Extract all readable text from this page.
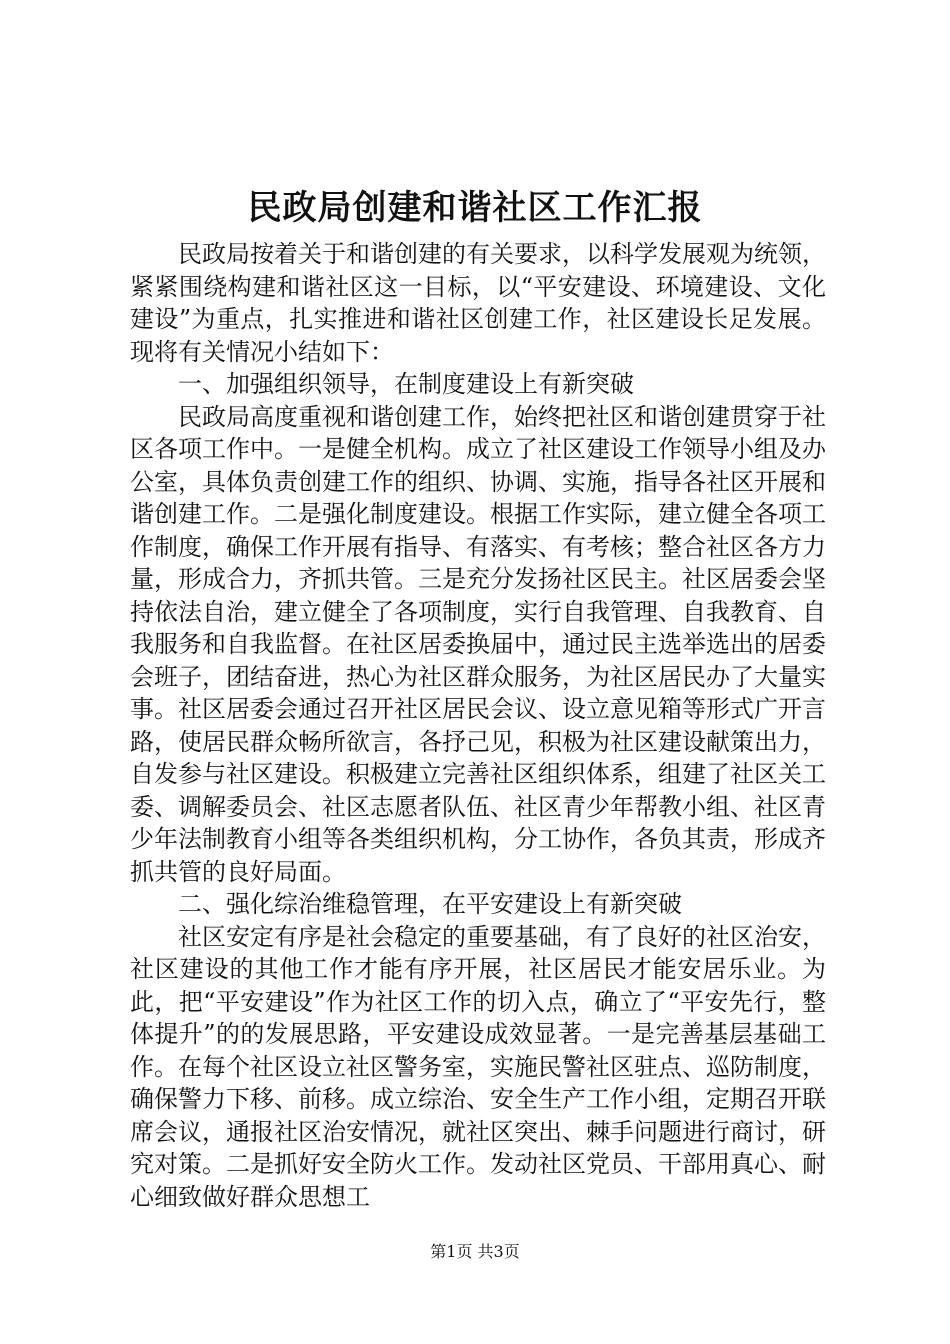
民政局创建和谐社区工作汇报

民政局按着关于和谐创建的有关要求，以科学发展观为统领，紧紧围绕构建和谐社区这一目标，以“平安建设、环境建设、文化建设”为重点，扎实推进和谐社区创建工作，社区建设长足发展。现将有关情况小结如下：

一、加强组织领导，在制度建设上有新突破

民政局高度重视和谐创建工作，始终把社区和谐创建贯穿于社区各项工作中。一是健全机构。成立了社区建设工作领导小组及办公室，具体负责创建工作的组织、协调、实施，指导各社区开展和谐创建工作。二是强化制度建设。根据工作实际，建立健全各项工作制度，确保工作开展有指导、有落实、有考核；整合社区各方力量，形成合力，齐抓共管。三是充分发扬社区民主。社区居委会坚持依法自治，建立健全了各项制度，实行自我管理、自我教育、自我服务和自我监督。在社区居委换届中，通过民主选举选出的居委会班子，团结奋进，热心为社区群众服务，为社区居民办了大量实事。社区居委会通过召开社区居民会议、设立意见箱等形式广开言路，使居民群众畅所欲言，各抒己见，积极为社区建设献策出力，自发参与社区建设。积极建立完善社区组织体系，组建了社区关工委、调解委员会、社区志愿者队伍、社区青少年帮教小组、社区青少年法制教育小组等各类组织机构，分工协作，各负其责，形成齐抓共管的良好局面。

二、强化综治维稳管理，在平安建设上有新突破

社区安定有序是社会稳定的重要基础，有了良好的社区治安，社区建设的其他工作才能有序开展，社区居民才能安居乐业。为此，把“平安建设”作为社区工作的切入点，确立了“平安先行，整体提升”的的发展思路，平安建设成效显著。一是完善基层基础工作。在每个社区设立社区警务室，实施民警社区驻点、巡防制度，确保警力下移、前移。成立综治、安全生产工作小组，定期召开联席会议，通报社区治安情况，就社区突出、棘手问题进行商讨，研究对策。二是抓好安全防火工作。发动社区党员、干部用真心、耐心细致做好群众思想工

第1页 共3页
